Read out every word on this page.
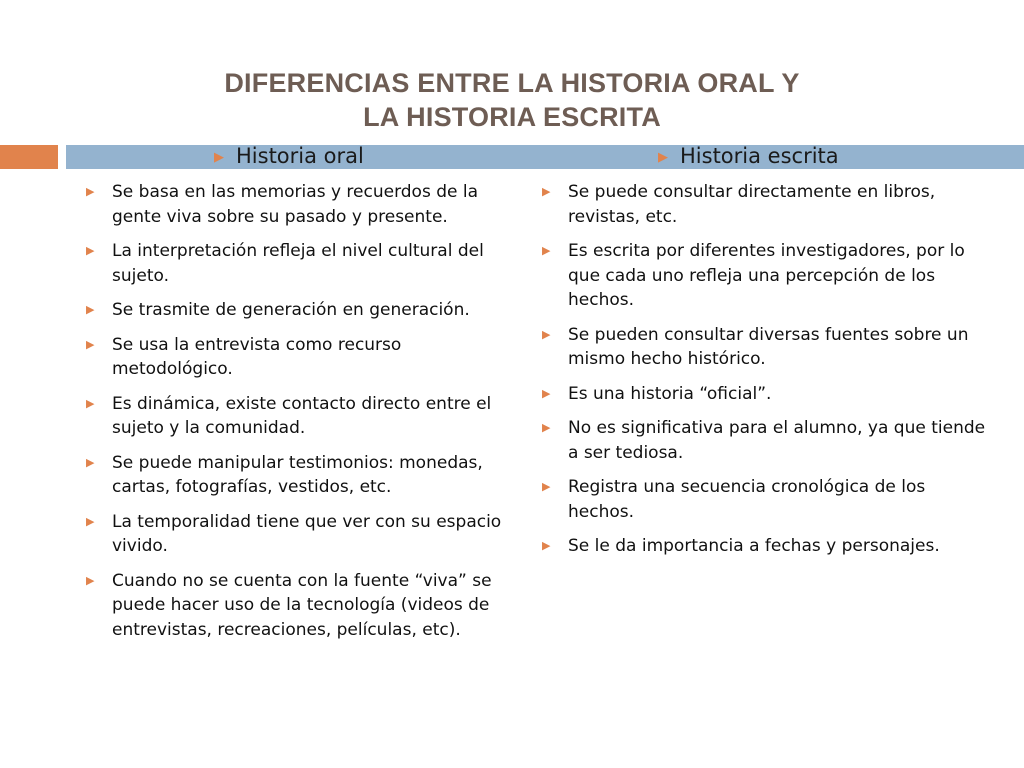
DIFERENCIAS ENTRE LA HISTORIA ORAL Y
LA HISTORIA ESCRITA
▶ Historia oral	▶ Historia escrita
▶ Se basa en las memorias y recuerdos de la gente viva sobre su pasado y presente.
▶ La interpretación refleja el nivel cultural del sujeto.
▶ Se trasmite de generación en generación.
▶ Se usa la entrevista como recurso metodológico.
▶ Es dinámica, existe contacto directo entre el sujeto y la comunidad.
▶ Se puede manipular testimonios: monedas, cartas, fotografías, vestidos, etc.
▶ La temporalidad tiene que ver con su espacio vivido.
▶ Cuando no se cuenta con la fuente “viva” se puede hacer uso de la tecnología (videos de entrevistas, recreaciones, películas, etc).
▶ Se puede consultar directamente en libros, revistas, etc.
▶ Es escrita por diferentes investigadores, por lo que cada uno refleja una percepción de los hechos.
▶ Se pueden consultar diversas fuentes sobre un mismo hecho histórico.
▶ Es una historia “oficial”.
▶ No es significativa para el alumno, ya que tiende a ser tediosa.
▶ Registra una secuencia cronológica de los hechos.
▶ Se le da importancia a fechas y personajes.
